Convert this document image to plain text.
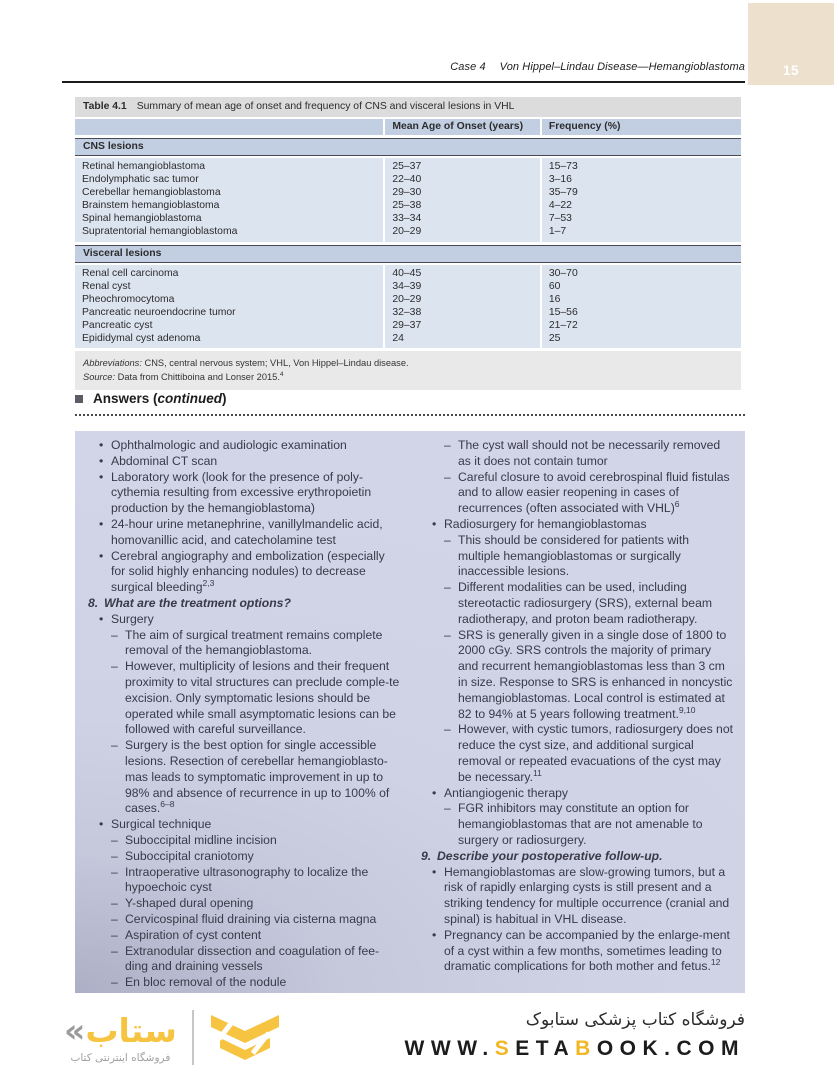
Case 4 Von Hippel–Lindau Disease—Hemangioblastoma	15
Table 4.1 Summary of mean age of onset and frequency of CNS and visceral lesions in VHL
Mean Age of Onset (years)	Frequency (%)
CNS lesions
Retinal hemangioblastoma
Endolymphatic sac tumor
Cerebellar hemangioblastoma
Brainstem hemangioblastoma
Spinal hemangioblastoma
Supratentorial hemangioblastoma
25–37
22–40
29–30
25–38
33–34
20–29
15–73
3–16
35–79
4–22
7–53
1–7
Visceral lesions
Renal cell carcinoma
Renal cyst
Pheochromocytoma
Pancreatic neuroendocrine tumor
Pancreatic cyst
Epididymal cyst adenoma
40–45
34–39
20–29
32–38
29–37
24
30–70
60
16
15–56
21–72
25
Abbreviations: CNS, central nervous system; VHL, Von Hippel–Lindau disease.
Source: Data from Chittiboina and Lonser 2015.$^4$
Answers (continued)
• Ophthalmologic and audiologic examination
• Abdominal CT scan
• Laboratory work (look for the presence of poly-cythemia resulting from excessive erythropoietin production by the hemangioblastoma)
• 24-hour urine metanephrine, vanillylmandelic acid, homovanillic acid, and catecholamine test
• Cerebral angiography and embolization (especially for solid highly enhancing nodules) to decrease surgical bleeding$^{2,3}$
8. What are the treatment options?
• Surgery
– The aim of surgical treatment remains complete removal of the hemangioblastoma.
– However, multiplicity of lesions and their frequent proximity to vital structures can preclude comple-te excision. Only symptomatic lesions should be operated while small asymptomatic lesions can be followed with careful surveillance.
– Surgery is the best option for single accessible lesions. Resection of cerebellar hemangioblasto-mas leads to symptomatic improvement in up to 98% and absence of recurrence in up to 100% of cases.$^{6-8}$
• Surgical technique
– Suboccipital midline incision
– Suboccipital craniotomy
– Intraoperative ultrasonography to localize the hypoechoic cyst
– Y-shaped dural opening
– Cervicospinal fluid draining via cisterna magna
– Aspiration of cyst content
– Extranodular dissection and coagulation of fee-ding and draining vessels
– En bloc removal of the nodule
– The cyst wall should not be necessarily removed as it does not contain tumor
– Careful closure to avoid cerebrospinal fluid fistulas and to allow easier reopening in cases of recurrences (often associated with VHL)$^6$
• Radiosurgery for hemangioblastomas
– This should be considered for patients with multiple hemangioblastomas or surgically inaccessible lesions.
– Different modalities can be used, including stereotactic radiosurgery (SRS), external beam radiotherapy, and proton beam radiotherapy.
– SRS is generally given in a single dose of 1800 to 2000 cGy. SRS controls the majority of primary and recurrent hemangioblastomas less than 3 cm in size. Response to SRS is enhanced in noncystic hemangioblastomas. Local control is estimated at 82 to 94% at 5 years following treatment.$^{9,10}$
– However, with cystic tumors, radiosurgery does not reduce the cyst size, and additional surgical removal or repeated evacuations of the cyst may be necessary.$^{11}$
• Antiangiogenic therapy
– FGR inhibitors may constitute an option for hemangioblastomas that are not amenable to surgery or radiosurgery.
9. Describe your postoperative follow-up.
• Hemangioblastomas are slow-growing tumors, but a risk of rapidly enlarging cysts is still present and a striking tendency for multiple occurrence (cranial and spinal) is habitual in VHL disease.
• Pregnancy can be accompanied by the enlarge-ment of a cyst within a few months, sometimes leading to dramatic complications for both mother and fetus.$^{12}$
«ستاب
فروشگاه اینترنتی کتاب
فروشگاه کتاب پزشکی ستابوک
WWW.SETABOOK.COM
